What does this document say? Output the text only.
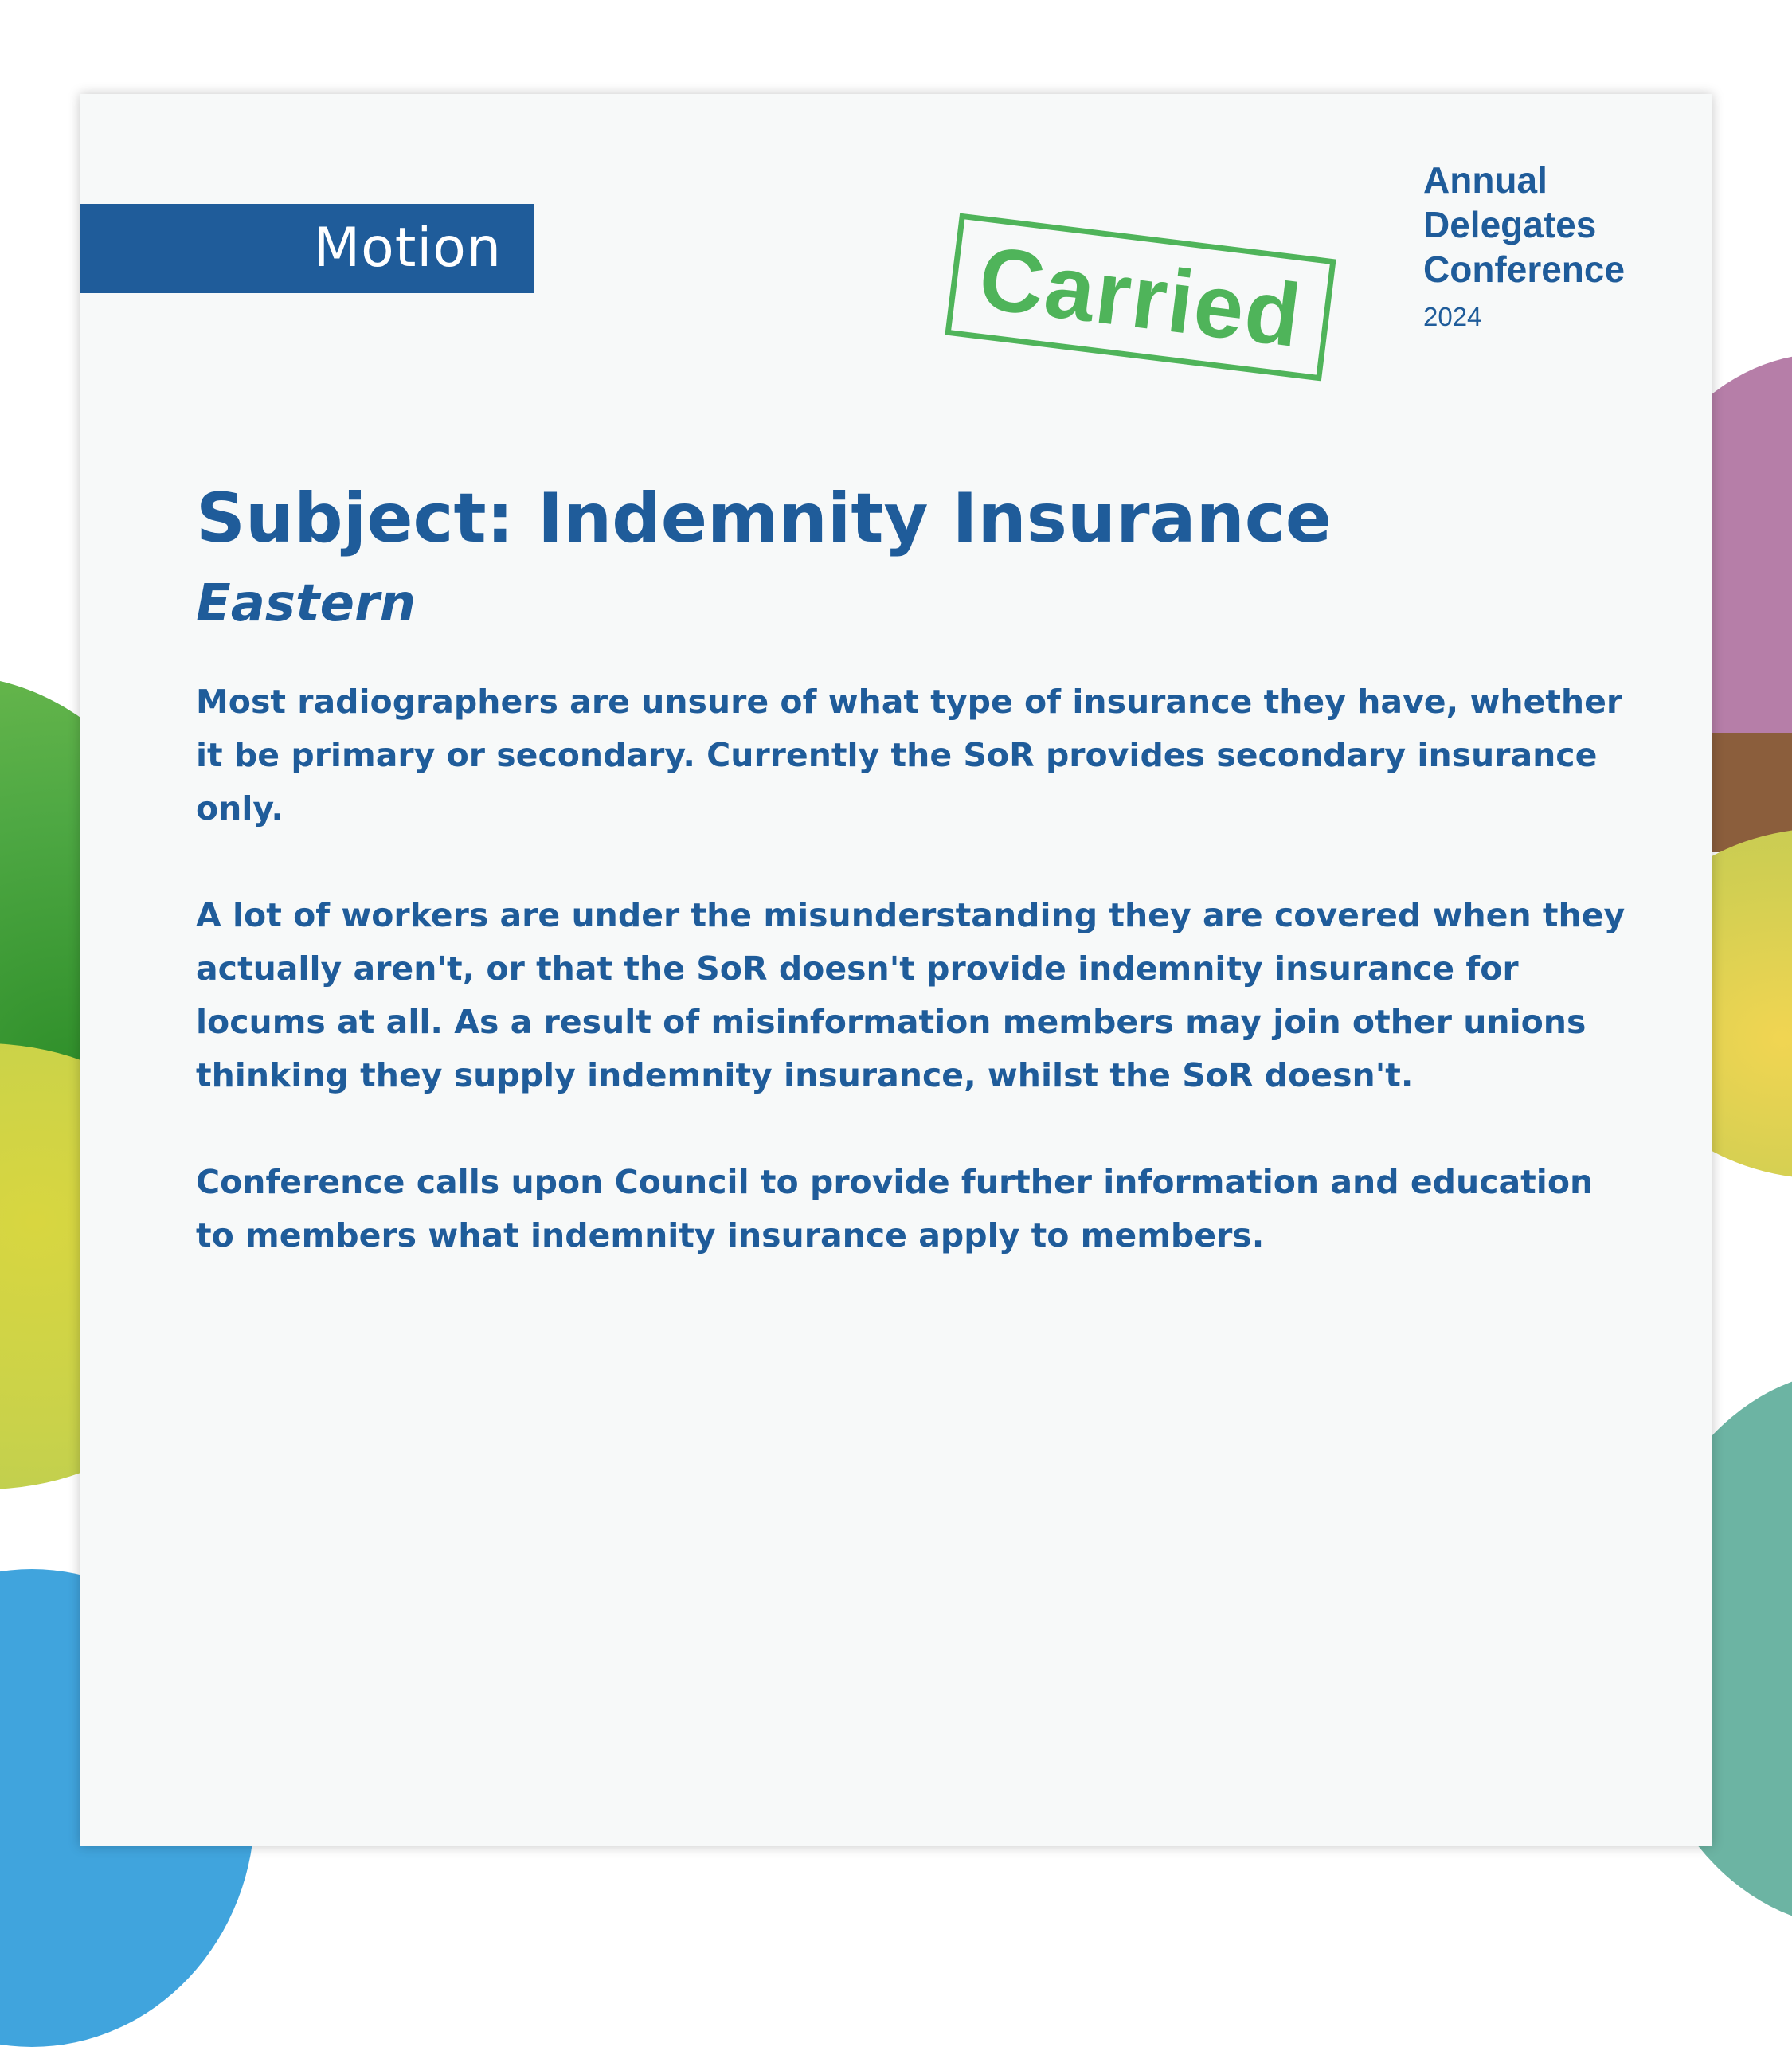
Motion	Carried
Annual
Delegates
Conference
2024
Subject: Indemnity Insurance
Eastern

Most radiographers are unsure of what type of insurance they have, whether it be primary or secondary. Currently the SoR provides secondary insurance only.

A lot of workers are under the misunderstanding they are covered when they actually aren't, or that the SoR doesn't provide indemnity insurance for locums at all. As a result of misinformation members may join other unions thinking they supply indemnity insurance, whilst the SoR doesn't.

Conference calls upon Council to provide further information and education to members what indemnity insurance apply to members.
